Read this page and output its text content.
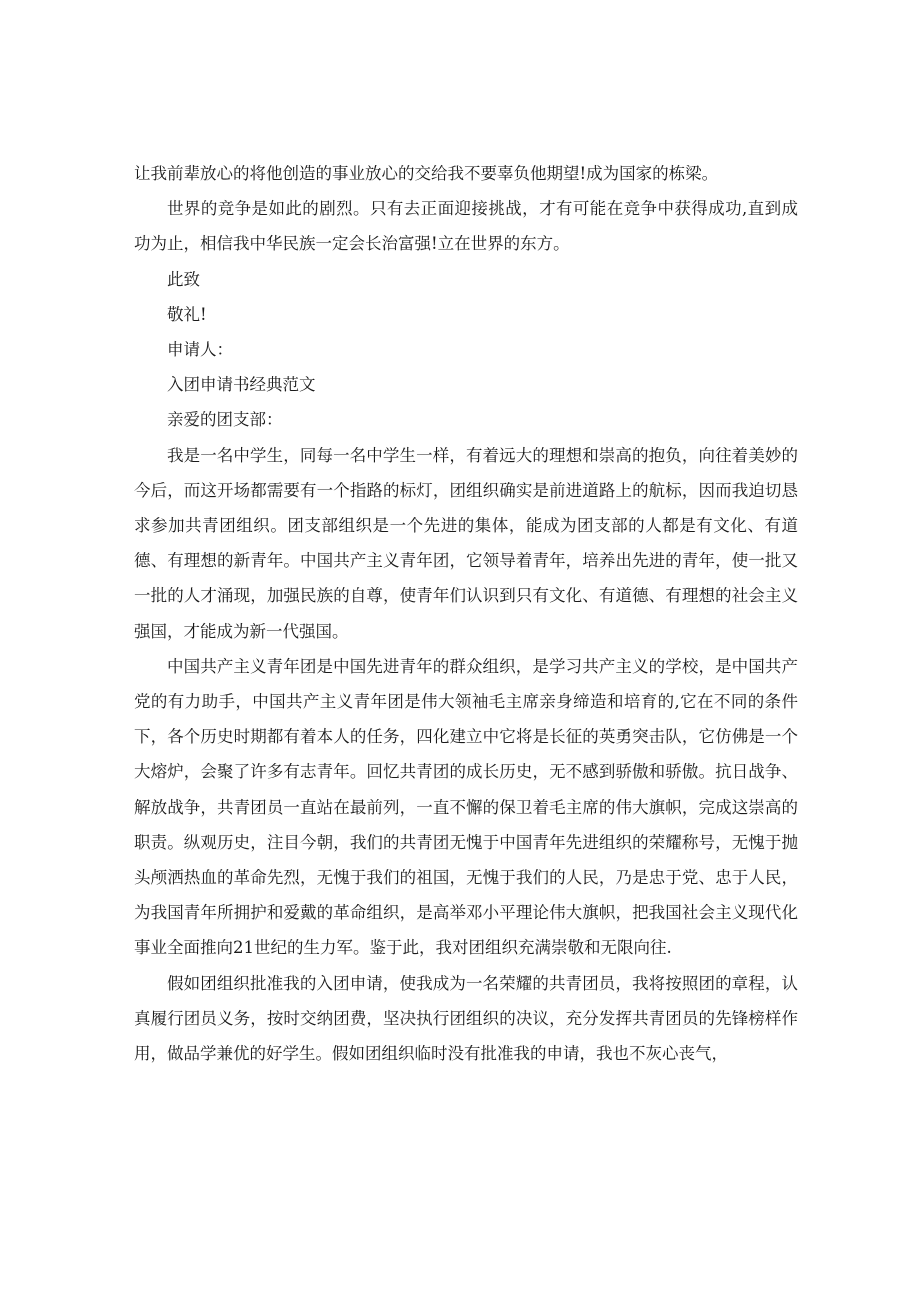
让我前辈放心的将他创造的事业放心的交给我不要辜负他期望!成为国家的栋梁。

世界的竞争是如此的剧烈。只有去正面迎接挑战，才有可能在竞争中获得成功,直到成功为止，相信我中华民族一定会长治富强!立在世界的东方。

此致

敬礼!

申请人：

入团申请书经典范文

亲爱的团支部：

我是一名中学生，同每一名中学生一样，有着远大的理想和崇高的抱负，向往着美妙的今后，而这开场都需要有一个指路的标灯，团组织确实是前进道路上的航标，因而我迫切恳求参加共青团组织。团支部组织是一个先进的集体，能成为团支部的人都是有文化、有道德、有理想的新青年。中国共产主义青年团，它领导着青年，培养出先进的青年，使一批又一批的人才涌现，加强民族的自尊，使青年们认识到只有文化、有道德、有理想的社会主义强国，才能成为新一代强国。

中国共产主义青年团是中国先进青年的群众组织，是学习共产主义的学校，是中国共产党的有力助手，中国共产主义青年团是伟大领袖毛主席亲身缔造和培育的,它在不同的条件下，各个历史时期都有着本人的任务，四化建立中它将是长征的英勇突击队，它仿佛是一个大熔炉，会聚了许多有志青年。回忆共青团的成长历史，无不感到骄傲和骄傲。抗日战争、解放战争，共青团员一直站在最前列，一直不懈的保卫着毛主席的伟大旗帜，完成这崇高的职责。纵观历史，注目今朝，我们的共青团无愧于中国青年先进组织的荣耀称号，无愧于抛头颅洒热血的革命先烈，无愧于我们的祖国，无愧于我们的人民，乃是忠于党、忠于人民，为我国青年所拥护和爱戴的革命组织，是高举邓小平理论伟大旗帜，把我国社会主义现代化事业全面推向21世纪的生力军。鉴于此，我对团组织充满崇敬和无限向往.

假如团组织批准我的入团申请，使我成为一名荣耀的共青团员，我将按照团的章程，认真履行团员义务，按时交纳团费，坚决执行团组织的决议，充分发挥共青团员的先锋榜样作用，做品学兼优的好学生。假如团组织临时没有批准我的申请，我也不灰心丧气，
